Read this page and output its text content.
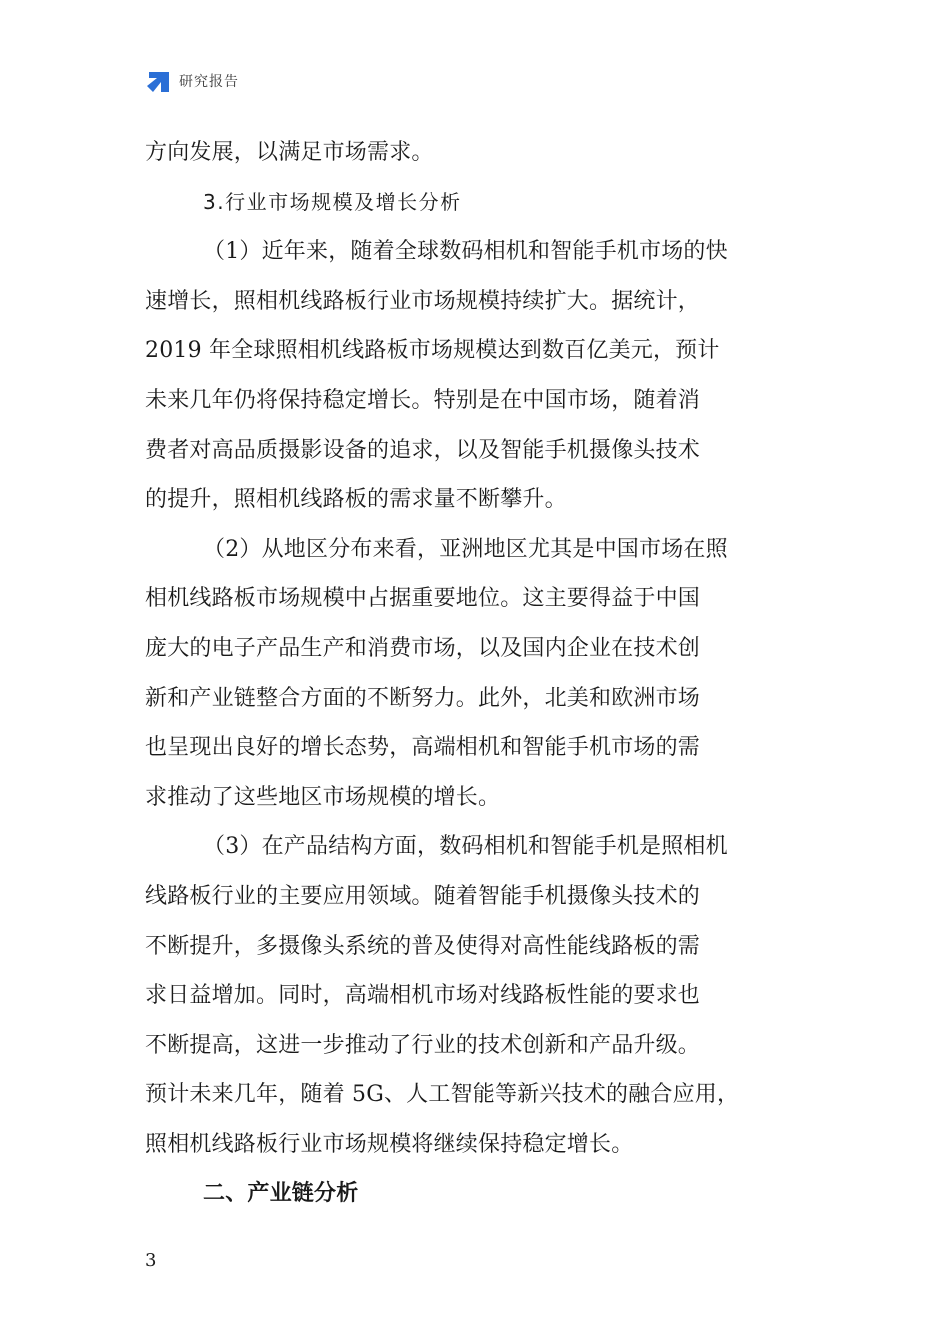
研究报告
方向发展，以满足市场需求。
3.行业市场规模及增长分析
（1）近年来，随着全球数码相机和智能手机市场的快
速增长，照相机线路板行业市场规模持续扩大。据统计，
2019 年全球照相机线路板市场规模达到数百亿美元，预计
未来几年仍将保持稳定增长。特别是在中国市场，随着消
费者对高品质摄影设备的追求，以及智能手机摄像头技术
的提升，照相机线路板的需求量不断攀升。
（2）从地区分布来看，亚洲地区尤其是中国市场在照
相机线路板市场规模中占据重要地位。这主要得益于中国
庞大的电子产品生产和消费市场，以及国内企业在技术创
新和产业链整合方面的不断努力。此外，北美和欧洲市场
也呈现出良好的增长态势，高端相机和智能手机市场的需
求推动了这些地区市场规模的增长。
（3）在产品结构方面，数码相机和智能手机是照相机
线路板行业的主要应用领域。随着智能手机摄像头技术的
不断提升，多摄像头系统的普及使得对高性能线路板的需
求日益增加。同时，高端相机市场对线路板性能的要求也
不断提高，这进一步推动了行业的技术创新和产品升级。
预计未来几年，随着 5G、人工智能等新兴技术的融合应用，
照相机线路板行业市场规模将继续保持稳定增长。
二、产业链分析
3
